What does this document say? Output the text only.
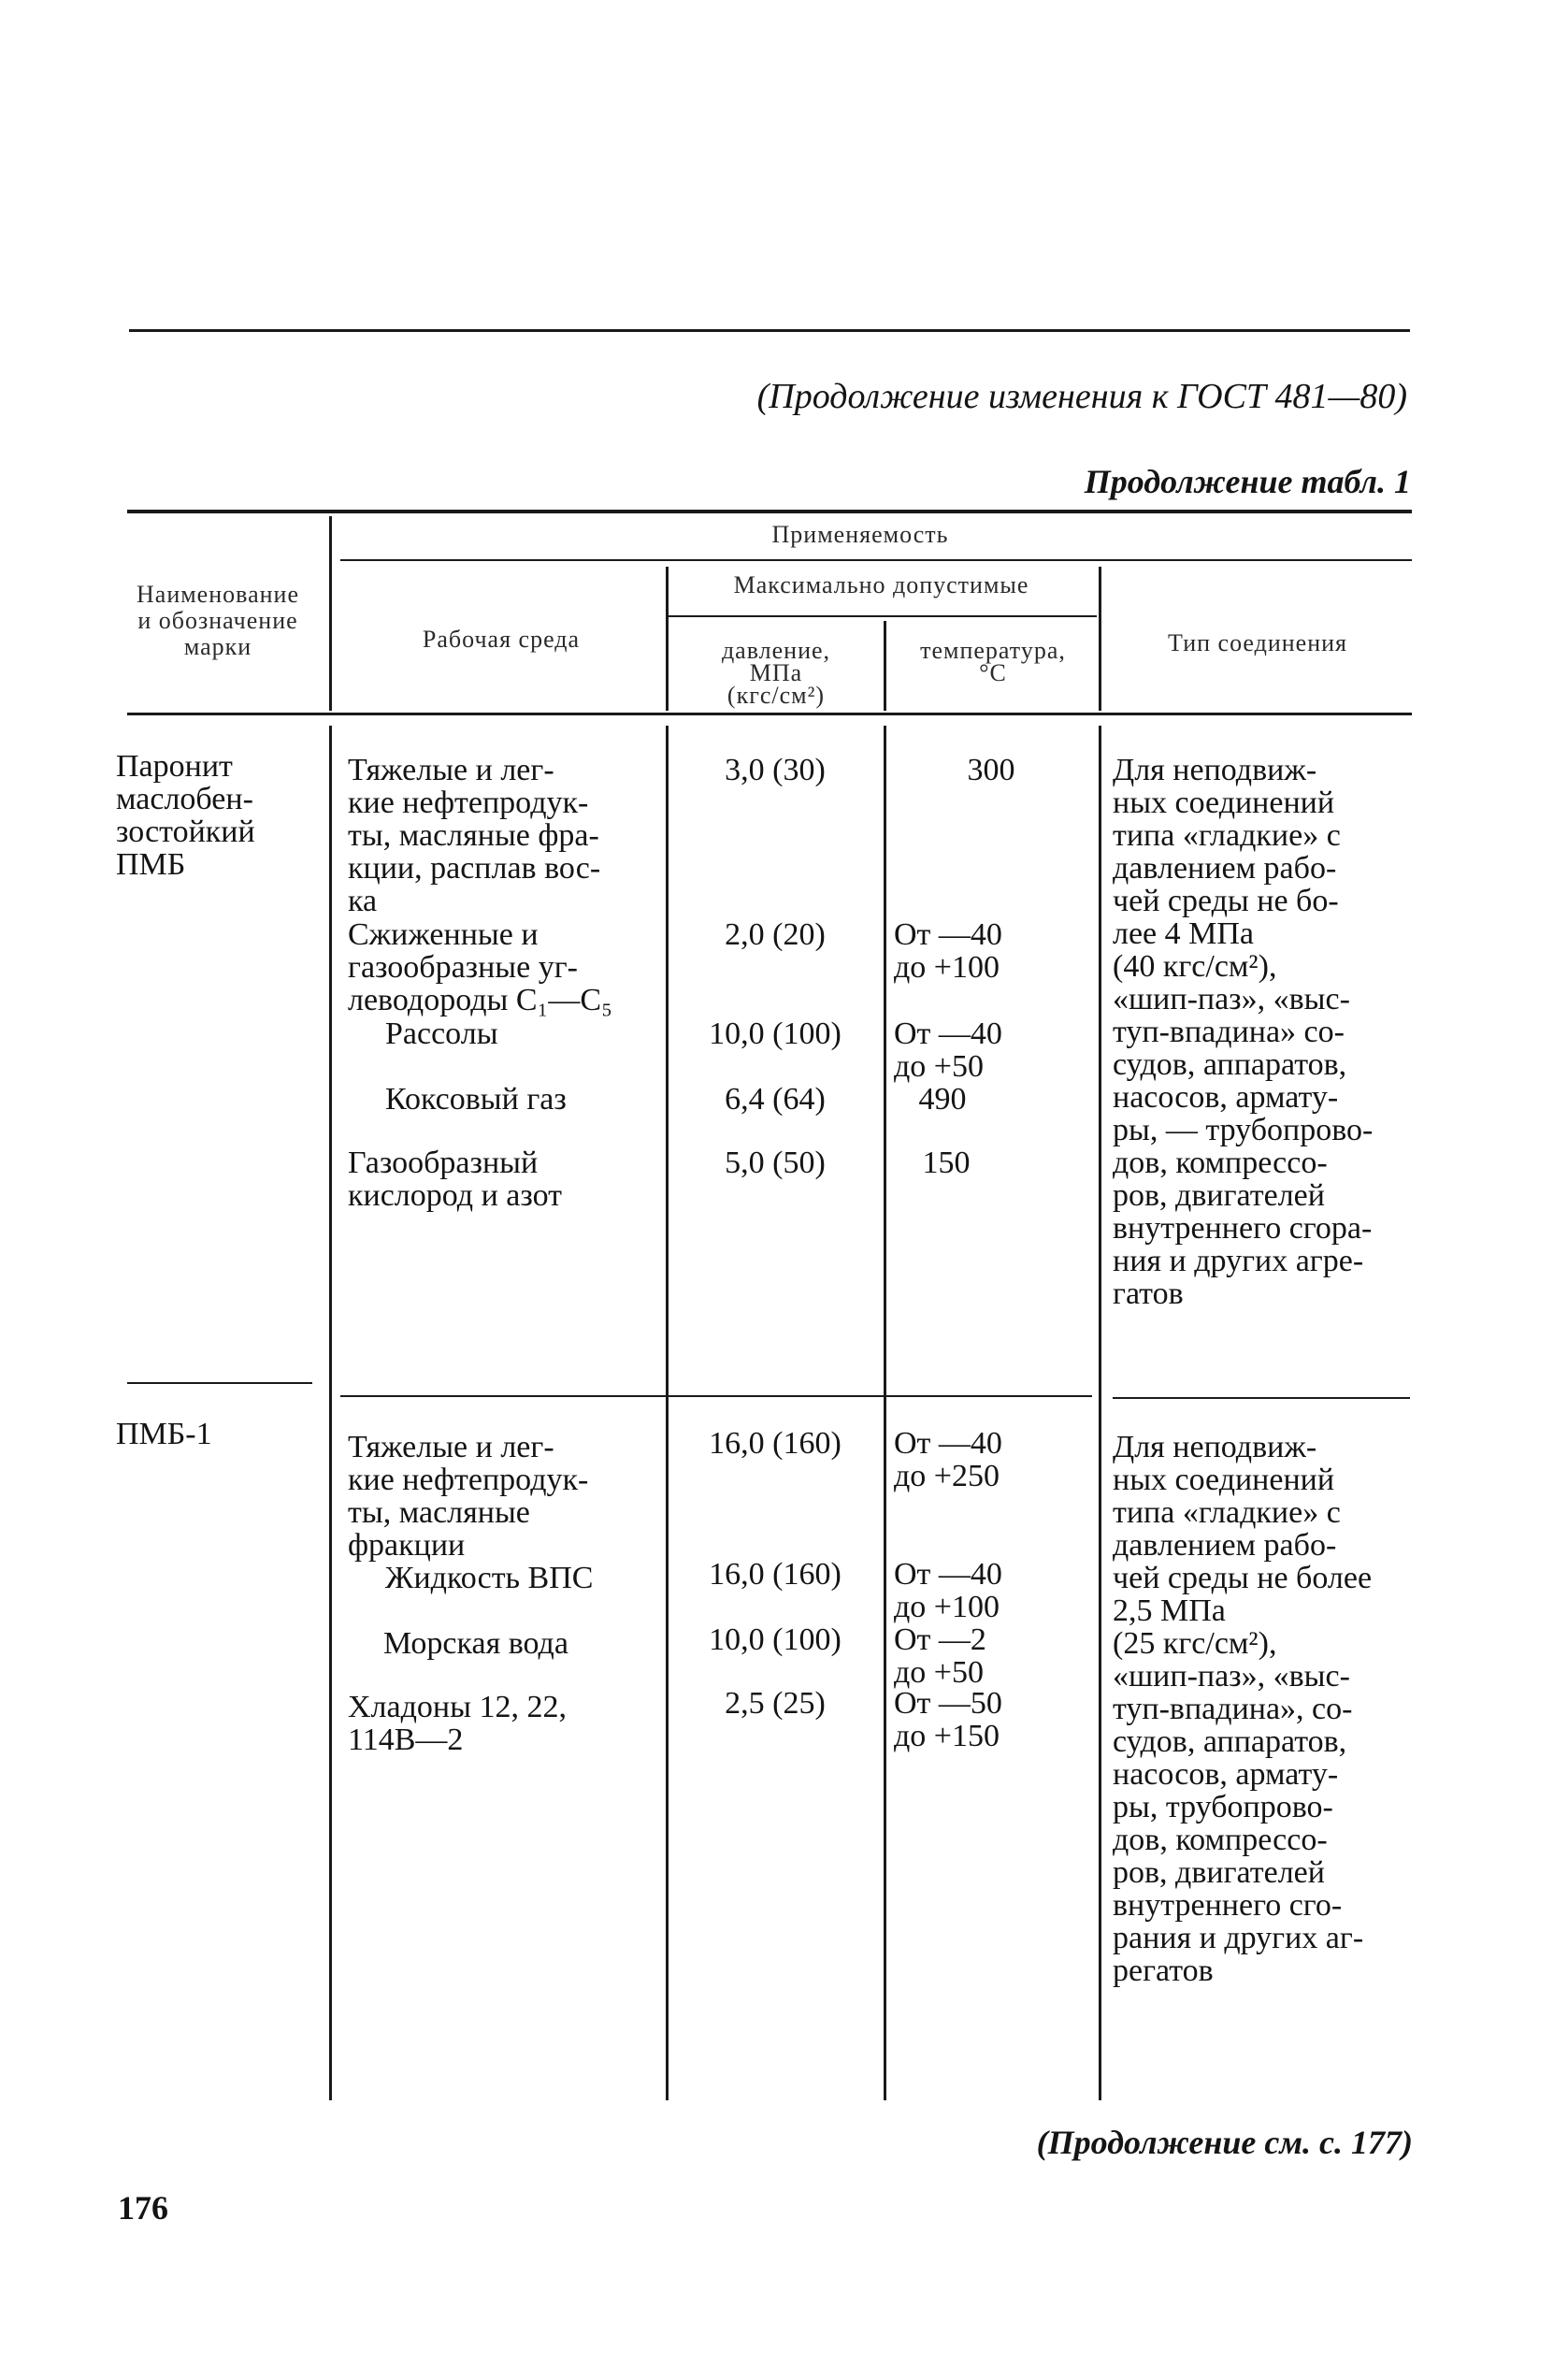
(Продолжение изменения к ГОСТ 481—80)
Продолжение табл. 1
Наименование
и обозначение
марки
Применяемость
Рабочая среда
Максимально допустимые
давление,
МПа
(кгс/см²)
температура,
°С
Тип соединения
Паронит
маслобен-
зостойкий
ПМБ
Тяжелые и лег-
кие нефтепродук-
ты, масляные фра-
кции, расплав вос-
ка
Сжиженные и
газообразные уг-
леводороды C₁—C₅
Рассолы
Коксовый газ
Газообразный
кислород и азот
3,0 (30)
2,0 (20)
10,0 (100)
6,4 (64)
5,0 (50)
300
От —40
до +100
От —40
до +50
490
150
Для неподвиж-
ных соединений
типа «гладкие» с
давлением рабо-
чей среды не бо-
лее 4 МПа
(40 кгс/см²),
«шип-паз», «выс-
туп-впадина» со-
судов, аппаратов,
насосов, армату-
ры, — трубопрово-
дов, компрессо-
ров, двигателей
внутреннего сгора-
ния и других агре-
гатов
ПМБ-1	Тяжелые и лег-
кие нефтепродук-
ты, масляные
фракции
Жидкость ВПС
Морская вода
Хладоны 12, 22,
114В—2
16,0 (160)
16,0 (160)
10,0 (100)
2,5 (25)
От —40
до +250
От —40
до +100
От —2
до +50
От —50
до +150
Для неподвиж-
ных соединений
типа «гладкие» с
давлением рабо-
чей среды не более
2,5 МПа
(25 кгс/см²),
«шип-паз», «выс-
туп-впадина», со-
судов, аппаратов,
насосов, армату-
ры, трубопрово-
дов, компрессо-
ров, двигателей
внутреннего сго-
рания и других аг-
регатов
(Продолжение см. с. 177)
176
